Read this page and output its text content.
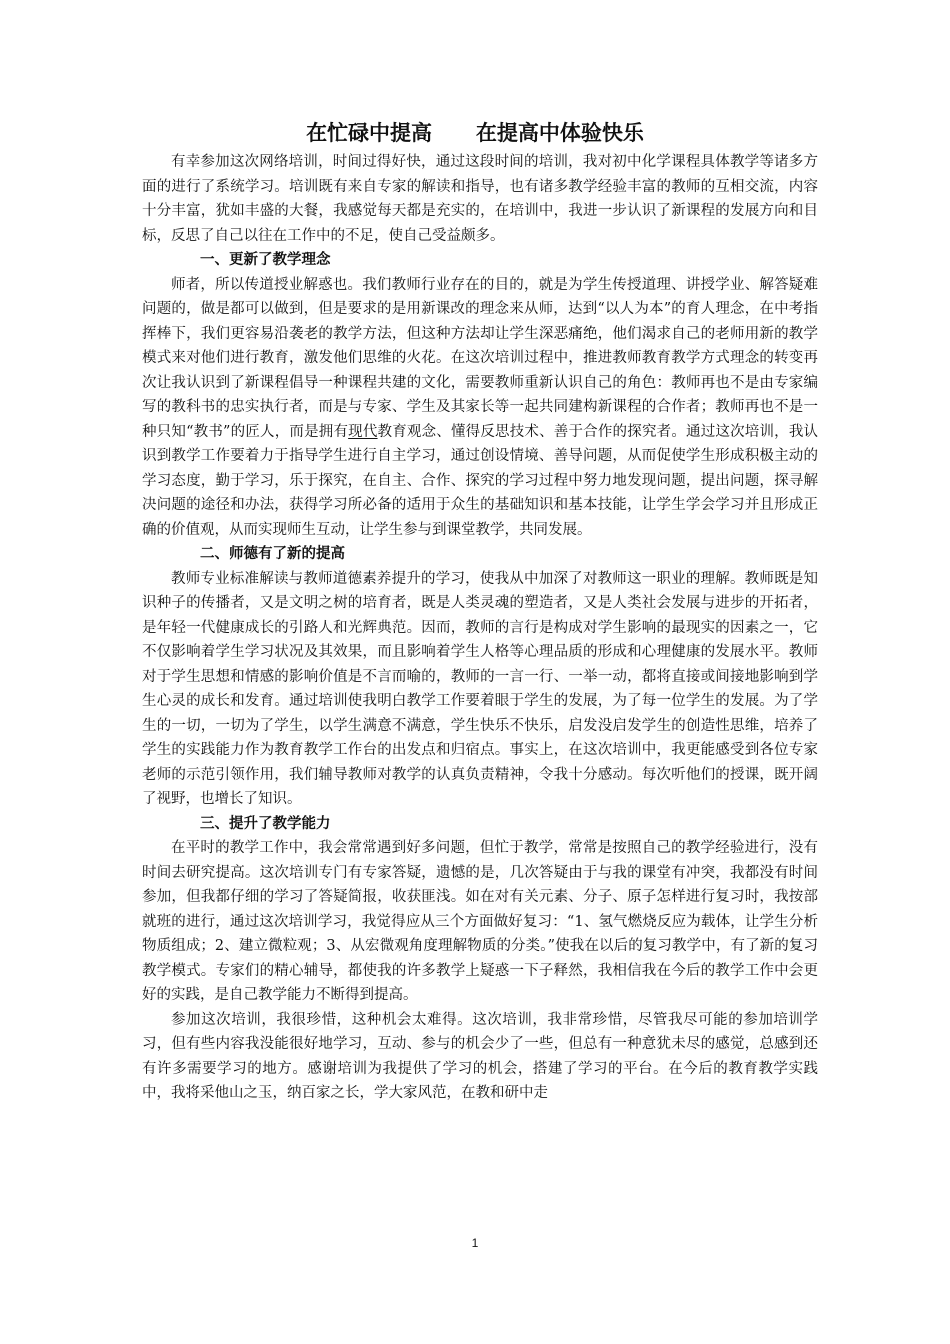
在忙碌中提高      在提高中体验快乐

有幸参加这次网络培训，时间过得好快，通过这段时间的培训，我对初中化学课程具体教学等诸多方面的进行了系统学习。培训既有来自专家的解读和指导，也有诸多教学经验丰富的教师的互相交流，内容十分丰富，犹如丰盛的大餐，我感觉每天都是充实的，在培训中，我进一步认识了新课程的发展方向和目标，反思了自己以往在工作中的不足，使自己受益颇多。

一、更新了教学理念

师者，所以传道授业解惑也。我们教师行业存在的目的，就是为学生传授道理、讲授学业、解答疑难问题的，做是都可以做到，但是要求的是用新课改的理念来从师，达到“以人为本”的育人理念，在中考指挥棒下，我们更容易沿袭老的教学方法，但这种方法却让学生深恶痛绝，他们渴求自己的老师用新的教学模式来对他们进行教育，激发他们思维的火花。在这次培训过程中，推进教师教育教学方式理念的转变再次让我认识到了新课程倡导一种课程共建的文化，需要教师重新认识自己的角色：教师再也不是由专家编写的教科书的忠实执行者，而是与专家、学生及其家长等一起共同建构新课程的合作者；教师再也不是一种只知“教书”的匠人，而是拥有现代教育观念、懂得反思技术、善于合作的探究者。通过这次培训，我认识到教学工作要着力于指导学生进行自主学习，通过创设情境、善导问题，从而促使学生形成积极主动的学习态度，勤于学习，乐于探究，在自主、合作、探究的学习过程中努力地发现问题，提出问题，探寻解决问题的途径和办法，获得学习所必备的适用于众生的基础知识和基本技能，让学生学会学习并且形成正确的价值观，从而实现师生互动，让学生参与到课堂教学，共同发展。

二、师德有了新的提高

教师专业标准解读与教师道德素养提升的学习，使我从中加深了对教师这一职业的理解。教师既是知识种子的传播者，又是文明之树的培育者，既是人类灵魂的塑造者，又是人类社会发展与进步的开拓者，是年轻一代健康成长的引路人和光辉典范。因而，教师的言行是构成对学生影响的最现实的因素之一，它不仅影响着学生学习状况及其效果，而且影响着学生人格等心理品质的形成和心理健康的发展水平。教师对于学生思想和情感的影响价值是不言而喻的，教师的一言一行、一举一动，都将直接或间接地影响到学生心灵的成长和发育。通过培训使我明白教学工作要着眼于学生的发展，为了每一位学生的发展。为了学生的一切，一切为了学生，以学生满意不满意，学生快乐不快乐，启发没启发学生的创造性思维，培养了学生的实践能力作为教育教学工作台的出发点和归宿点。事实上，在这次培训中，我更能感受到各位专家老师的示范引领作用，我们辅导教师对教学的认真负责精神，令我十分感动。每次听他们的授课，既开阔了视野，也增长了知识。

三、提升了教学能力

在平时的教学工作中，我会常常遇到好多问题，但忙于教学，常常是按照自己的教学经验进行，没有时间去研究提高。这次培训专门有专家答疑，遗憾的是，几次答疑由于与我的课堂有冲突，我都没有时间参加，但我都仔细的学习了答疑简报，收获匪浅。如在对有关元素、分子、原子怎样进行复习时，我按部就班的进行，通过这次培训学习，我觉得应从三个方面做好复习：“1、氢气燃烧反应为载体，让学生分析物质组成；2、建立微粒观；3、从宏微观角度理解物质的分类。”使我在以后的复习教学中，有了新的复习教学模式。专家们的精心辅导，都使我的许多教学上疑惑一下子释然，我相信我在今后的教学工作中会更好的实践，是自己教学能力不断得到提高。

参加这次培训，我很珍惜，这种机会太难得。这次培训，我非常珍惜，尽管我尽可能的参加培训学习，但有些内容我没能很好地学习，互动、参与的机会少了一些，但总有一种意犹未尽的感觉，总感到还有许多需要学习的地方。感谢培训为我提供了学习的机会，搭建了学习的平台。在今后的教育教学实践中，我将采他山之玉，纳百家之长，学大家风范，在教和研中走

1
